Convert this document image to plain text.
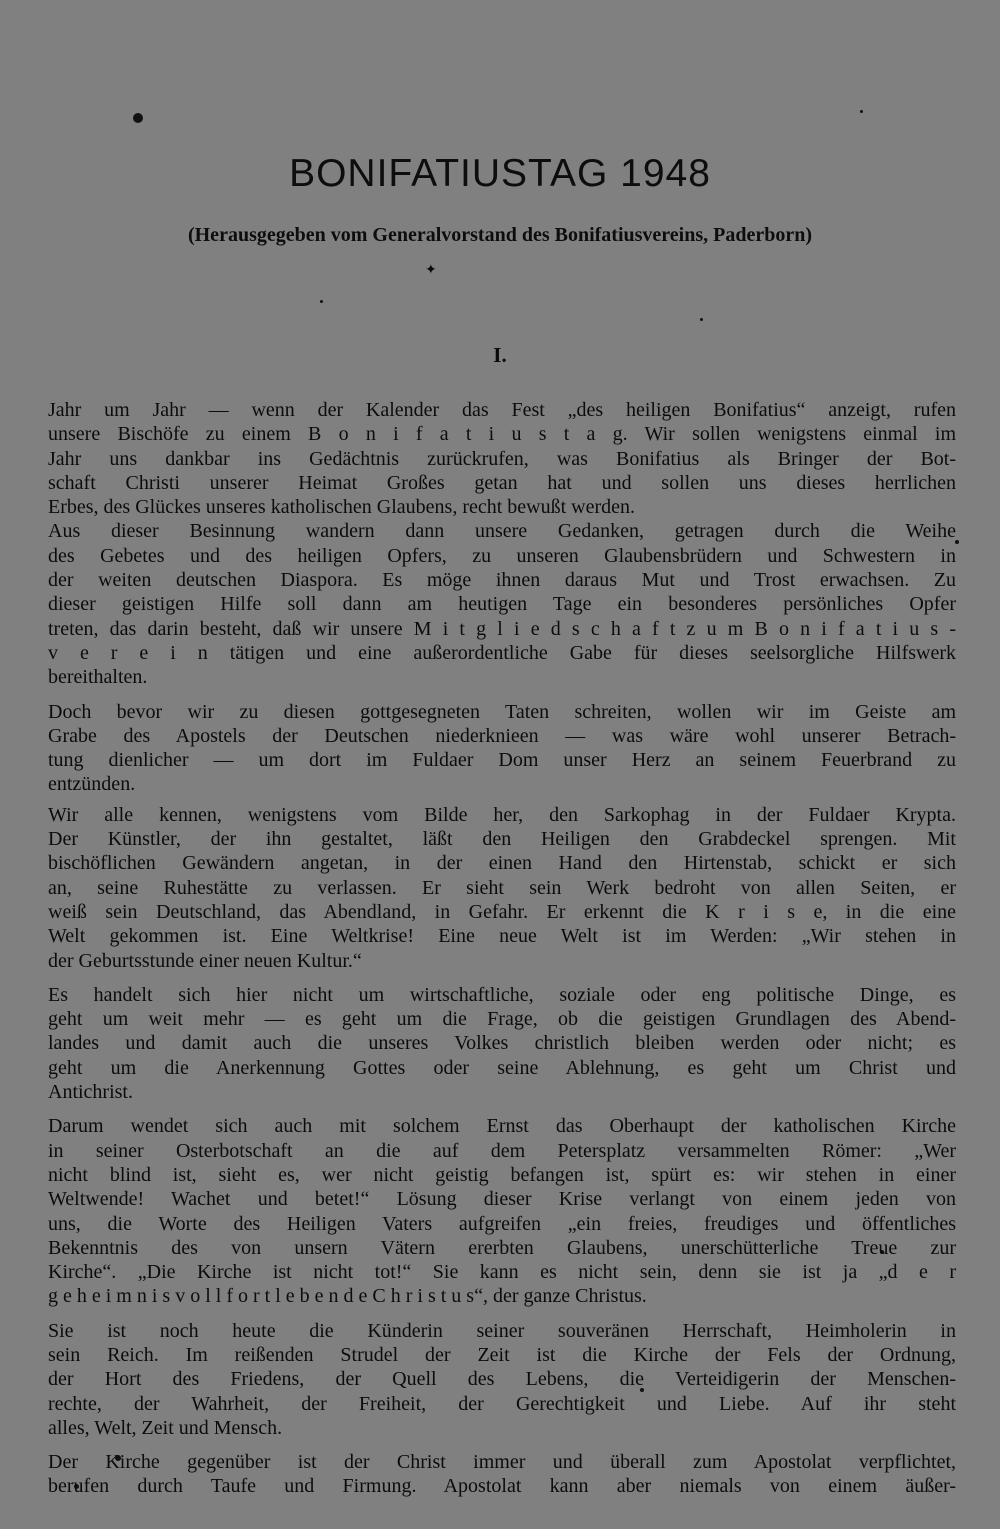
BONIFATIUSTAG 1948
(Herausgegeben vom Generalvorstand des Bonifatiusvereins, Paderborn)
✦
I.
Jahr um Jahr — wenn der Kalender das Fest „des heiligen Bonifatius“ anzeigt, rufen
unsere Bischöfe zu einem B o n i f a t i u s t a g. Wir sollen wenigstens einmal im
Jahr uns dankbar ins Gedächtnis zurückrufen, was Bonifatius als Bringer der Bot-
schaft Christi unserer Heimat Großes getan hat und sollen uns dieses herrlichen
Erbes, des Glückes unseres katholischen Glaubens, recht bewußt werden.
Aus dieser Besinnung wandern dann unsere Gedanken, getragen durch die Weihe
des Gebetes und des heiligen Opfers, zu unseren Glaubensbrüdern und Schwestern in
der weiten deutschen Diaspora. Es möge ihnen daraus Mut und Trost erwachsen. Zu
dieser geistigen Hilfe soll dann am heutigen Tage ein besonderes persönliches Opfer
treten, das darin besteht, daß wir unsere M i t g l i e d s c h a f t z u m B o n i f a t i u s -
v e r e i n tätigen und eine außerordentliche Gabe für dieses seelsorgliche Hilfswerk
bereithalten.
Doch bevor wir zu diesen gottgesegneten Taten schreiten, wollen wir im Geiste am
Grabe des Apostels der Deutschen niederknieen — was wäre wohl unserer Betrach-
tung dienlicher — um dort im Fuldaer Dom unser Herz an seinem Feuerbrand zu
entzünden.
Wir alle kennen, wenigstens vom Bilde her, den Sarkophag in der Fuldaer Krypta.
Der Künstler, der ihn gestaltet, läßt den Heiligen den Grabdeckel sprengen. Mit
bischöflichen Gewändern angetan, in der einen Hand den Hirtenstab, schickt er sich
an, seine Ruhestätte zu verlassen. Er sieht sein Werk bedroht von allen Seiten, er
weiß sein Deutschland, das Abendland, in Gefahr. Er erkennt die K r i s e, in die eine
Welt gekommen ist. Eine Weltkrise! Eine neue Welt ist im Werden: „Wir stehen in
der Geburtsstunde einer neuen Kultur.“
Es handelt sich hier nicht um wirtschaftliche, soziale oder eng politische Dinge, es
geht um weit mehr — es geht um die Frage, ob die geistigen Grundlagen des Abend-
landes und damit auch die unseres Volkes christlich bleiben werden oder nicht; es
geht um die Anerkennung Gottes oder seine Ablehnung, es geht um Christ und
Antichrist.
Darum wendet sich auch mit solchem Ernst das Oberhaupt der katholischen Kirche
in seiner Osterbotschaft an die auf dem Petersplatz versammelten Römer: „Wer
nicht blind ist, sieht es, wer nicht geistig befangen ist, spürt es: wir stehen in einer
Weltwende! Wachet und betet!“ Lösung dieser Krise verlangt von einem jeden von
uns, die Worte des Heiligen Vaters aufgreifen „ein freies, freudiges und öffentliches
Bekenntnis des von unsern Vätern ererbten Glaubens, unerschütterliche Treue zur
Kirche“. „Die Kirche ist nicht tot!“ Sie kann es nicht sein, denn sie ist ja „d e r
g e h e i m n i s v o l l f o r t l e b e n d e C h r i s t u s“, der ganze Christus.
Sie ist noch heute die Künderin seiner souveränen Herrschaft, Heimholerin in
sein Reich. Im reißenden Strudel der Zeit ist die Kirche der Fels der Ordnung,
der Hort des Friedens, der Quell des Lebens, die Verteidigerin der Menschen-
rechte, der Wahrheit, der Freiheit, der Gerechtigkeit und Liebe. Auf ihr steht
alles, Welt, Zeit und Mensch.
Der Kirche gegenüber ist der Christ immer und überall zum Apostolat verpflichtet,
berufen durch Taufe und Firmung. Apostolat kann aber niemals von einem äußer-
